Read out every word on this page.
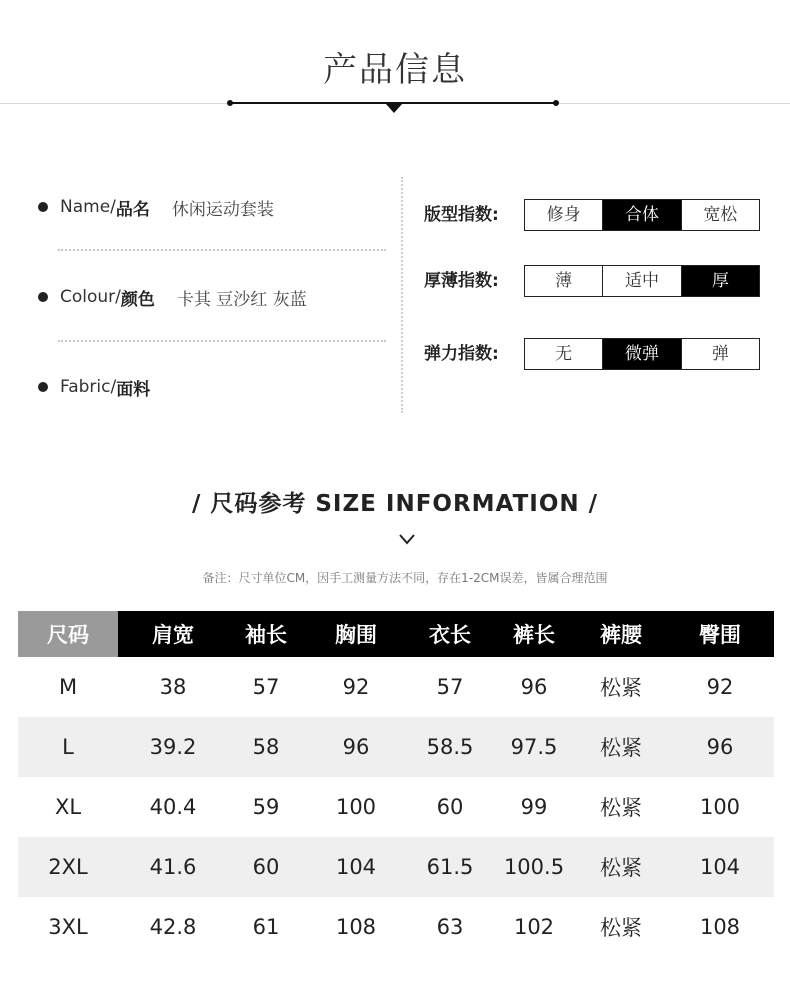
产品信息
Name/ 品名 休闲运动套装
Colour/ 颜色 卡其 豆沙红 灰蓝
Fabric/ 面料
版型指数:	修身	合体	宽松
厚薄指数:	薄	适中	厚
弹力指数:	无	微弹	弹
/ 尺码参考 SIZE INFORMATION /
备注：尺寸单位CM，因手工测量方法不同，存在1-2CM误差，皆属合理范围
尺码	肩宽	袖长	胸围	衣长	裤长	裤腰	臀围
M	38	57	92	57	96	松紧	92
L	39.2	58	96	58.5	97.5	松紧	96
XL	40.4	59	100	60	99	松紧	100
2XL	41.6	60	104	61.5	100.5	松紧	104
3XL	42.8	61	108	63	102	松紧	108
